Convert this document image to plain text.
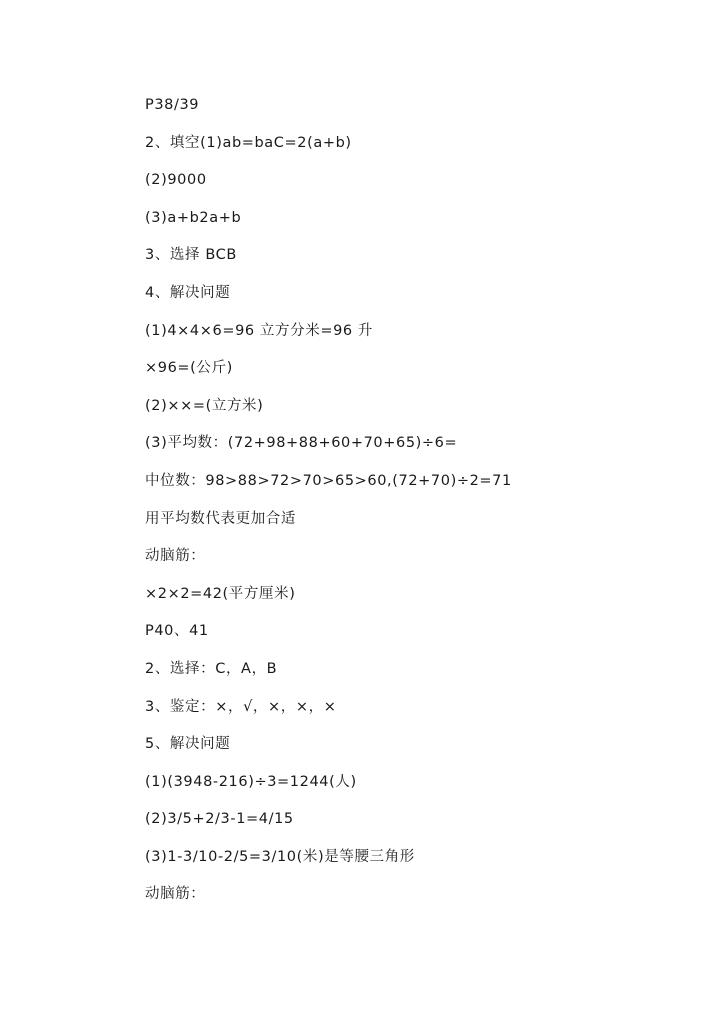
P38/39
2、填空(1)ab=baC=2(a+b)
(2)9000
(3)a+b2a+b
3、选择 BCB
4、解决问题
(1)4×4×6=96 立方分米=96 升
×96=(公斤)
(2)××=(立方米)
(3)平均数：(72+98+88+60+70+65)÷6=
中位数：98>88>72>70>65>60,(72+70)÷2=71
用平均数代表更加合适
动脑筋：
×2×2=42(平方厘米)
P40、41
2、选择：C，A，B
3、鉴定：×，√，×，×，×
5、解决问题
(1)(3948-216)÷3=1244(人)
(2)3/5+2/3-1=4/15
(3)1-3/10-2/5=3/10(米)是等腰三角形
动脑筋：
